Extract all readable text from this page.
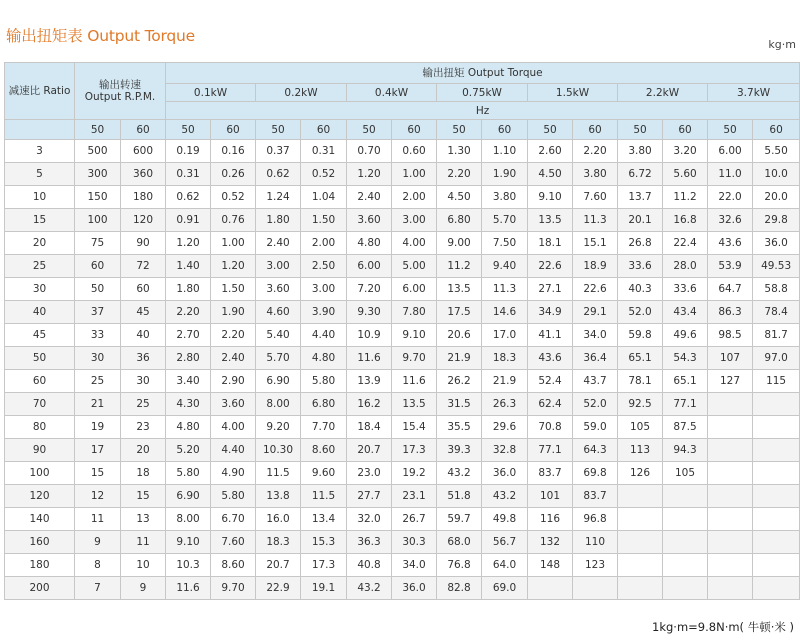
输出扭矩表 Output Torque	kg·m
减速比 Ratio	输出转速
Output R.P.M.		输出扭矩 Output Torque													
			0.1kW		0.2kW		0.4kW		0.75kW		1.5kW		2.2kW		3.7kW	
			Hz													
	50	60	50	60	50	60	50	60	50	60	50	60	50	60	50	60
3	500	600	0.19	0.16	0.37	0.31	0.70	0.60	1.30	1.10	2.60	2.20	3.80	3.20	6.00	5.50
5	300	360	0.31	0.26	0.62	0.52	1.20	1.00	2.20	1.90	4.50	3.80	6.72	5.60	11.0	10.0
10	150	180	0.62	0.52	1.24	1.04	2.40	2.00	4.50	3.80	9.10	7.60	13.7	11.2	22.0	20.0
15	100	120	0.91	0.76	1.80	1.50	3.60	3.00	6.80	5.70	13.5	11.3	20.1	16.8	32.6	29.8
20	75	90	1.20	1.00	2.40	2.00	4.80	4.00	9.00	7.50	18.1	15.1	26.8	22.4	43.6	36.0
25	60	72	1.40	1.20	3.00	2.50	6.00	5.00	11.2	9.40	22.6	18.9	33.6	28.0	53.9	49.53
30	50	60	1.80	1.50	3.60	3.00	7.20	6.00	13.5	11.3	27.1	22.6	40.3	33.6	64.7	58.8
40	37	45	2.20	1.90	4.60	3.90	9.30	7.80	17.5	14.6	34.9	29.1	52.0	43.4	86.3	78.4
45	33	40	2.70	2.20	5.40	4.40	10.9	9.10	20.6	17.0	41.1	34.0	59.8	49.6	98.5	81.7
50	30	36	2.80	2.40	5.70	4.80	11.6	9.70	21.9	18.3	43.6	36.4	65.1	54.3	107	97.0
60	25	30	3.40	2.90	6.90	5.80	13.9	11.6	26.2	21.9	52.4	43.7	78.1	65.1	127	115
70	21	25	4.30	3.60	8.00	6.80	16.2	13.5	31.5	26.3	62.4	52.0	92.5	77.1		
80	19	23	4.80	4.00	9.20	7.70	18.4	15.4	35.5	29.6	70.8	59.0	105	87.5		
90	17	20	5.20	4.40	10.30	8.60	20.7	17.3	39.3	32.8	77.1	64.3	113	94.3		
100	15	18	5.80	4.90	11.5	9.60	23.0	19.2	43.2	36.0	83.7	69.8	126	105		
120	12	15	6.90	5.80	13.8	11.5	27.7	23.1	51.8	43.2	101	83.7				
140	11	13	8.00	6.70	16.0	13.4	32.0	26.7	59.7	49.8	116	96.8				
160	9	11	9.10	7.60	18.3	15.3	36.3	30.3	68.0	56.7	132	110				
180	8	10	10.3	8.60	20.7	17.3	40.8	34.0	76.8	64.0	148	123				
200	7	9	11.6	9.70	22.9	19.1	43.2	36.0	82.8	69.0						
1kg·m=9.8N·m( 牛顿·米 )
